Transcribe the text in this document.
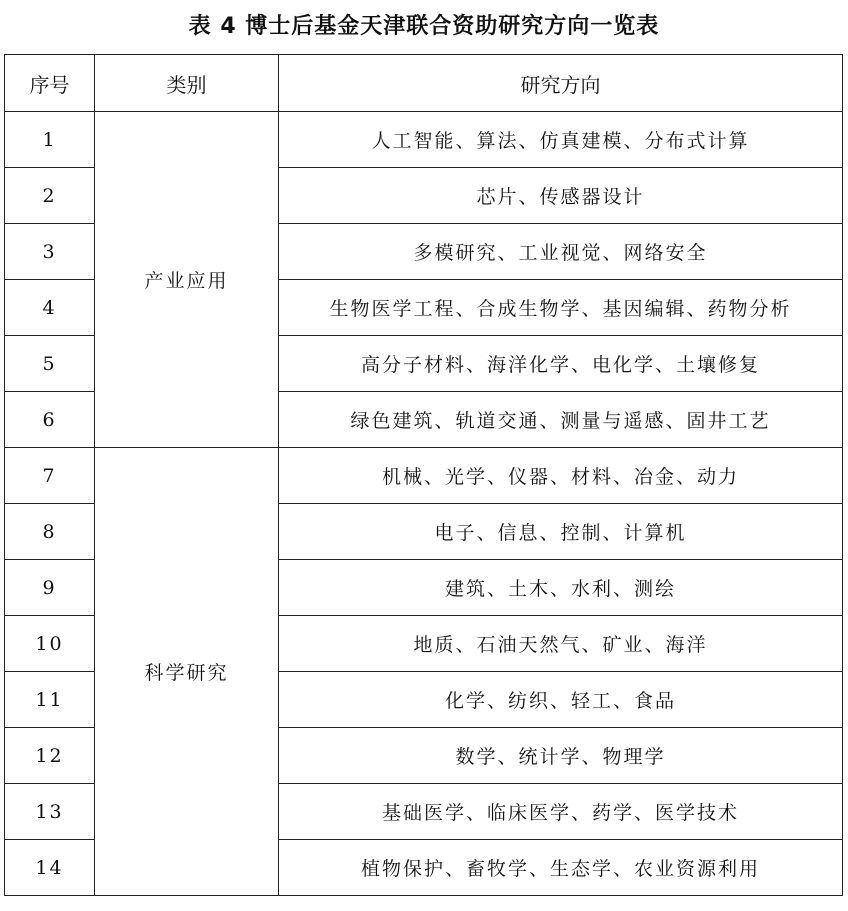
表 4 博士后基金天津联合资助研究方向一览表
序号	类别	研究方向
1	产业应用	人工智能、算法、仿真建模、分布式计算
2		芯片、传感器设计
3		多模研究、工业视觉、网络安全
4		生物医学工程、合成生物学、基因编辑、药物分析
5		高分子材料、海洋化学、电化学、土壤修复
6		绿色建筑、轨道交通、测量与遥感、固井工艺
7	科学研究	机械、光学、仪器、材料、冶金、动力
8		电子、信息、控制、计算机
9		建筑、土木、水利、测绘
10		地质、石油天然气、矿业、海洋
11		化学、纺织、轻工、食品
12		数学、统计学、物理学
13		基础医学、临床医学、药学、医学技术
14		植物保护、畜牧学、生态学、农业资源利用
